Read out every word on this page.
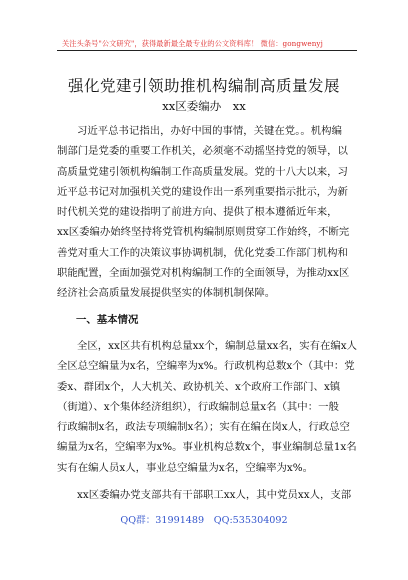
关注头条号"公文研究"，获得最新最全最专业的公文资料库！ 微信：gongwenyj
强化党建引领助推机构编制高质量发展
xx区委编办　xx
习近平总书记指出，办好中国的事情，关键在党。。机构编
制部门是党委的重要工作机关，必须毫不动摇坚持党的领导，以
高质量党建引领机构编制工作高质量发展。党的十八大以来，习
近平总书记对加强机关党的建设作出一系列重要指示批示，为新
时代机关党的建设指明了前进方向、提供了根本遵循近年来，
xx区委编办始终坚持将党管机构编制原则贯穿工作始终，不断完
善党对重大工作的决策议事协调机制，优化党委工作部门机构和
职能配置，全面加强党对机构编制工作的全面领导，为推动xx区
经济社会高质量发展提供坚实的体制机制保障。
一、基本情况
全区，xx区共有机构总量xx个，编制总量xx名，实有在编x人
全区总空编量为x名，空编率为x%。行政机构总数x个（其中：党
委x、群团x个，人大机关、政协机关、x个政府工作部门、x镇
（街道）、x个集体经济组织），行政编制总量x名（其中：一般
行政编制x名，政法专项编制x名）；实有在编在岗x人，行政总空
编量为x名，空编率为x%。事业机构总数x个，事业编制总量1x名
实有在编人员x人，事业总空编量为x名，空编率为x%。
xx区委编办党支部共有干部职工xx人，其中党员xx人，支部
QQ群：31991489　QQ:535304092
